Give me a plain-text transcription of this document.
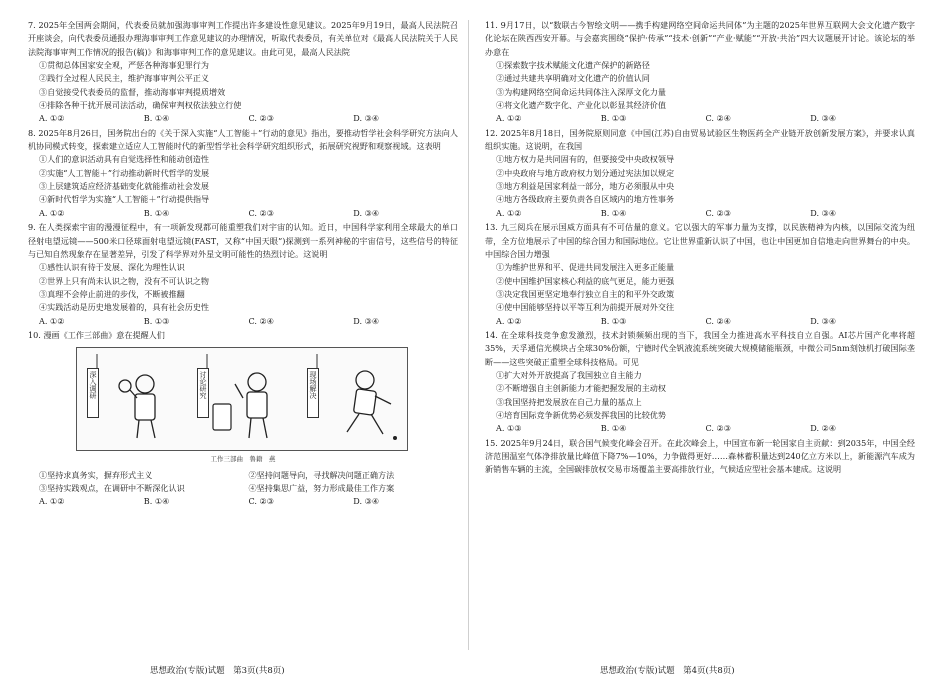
7. 2025年全国两会期间，代表委员就加强海事审判工作提出许多建设性意见建议。2025年9月19日，最高人民法院召开座谈会，向代表委员通报办理海事审判工作意见建议的办理情况，听取代表委员，有关单位对《最高人民法院关于人民法院海事审判工作情况的报告(稿)》和海事审判工作的意见建议。由此可见，最高人民法院

①贯彻总体国家安全观，严惩各种海事犯罪行为
②践行全过程人民民主，维护海事审判公平正义
③自觉接受代表委员的监督，推动海事审判提质增效
④排除各种干扰开展司法活动，确保审判权依法独立行使
A. ①②	B. ①④	C. ②③	D. ③④

8. 2025年8月26日，国务院出台的《关于深入实施“人工智能＋”行动的意见》指出，要推动哲学社会科学研究方法向人机协同模式转变，探索建立适应人工智能时代的新型哲学社会科学研究组织形式，拓展研究视野和观察视域。这表明

①人们的意识活动具有自觉选择性和能动创造性
②实施“人工智能＋”行动推动新时代哲学的发展
③上层建筑适应经济基础变化就能推动社会发展
④新时代哲学为实施“人工智能＋”行动提供指导
A. ①②	B. ①④	C. ②③	D. ③④

9. 在人类探索宇宙的漫漫征程中，有一项新发现都可能重塑我们对宇宙的认知。近日，中国科学家利用全球最大的单口径射电望远镜——500米口径球面射电望远镜(FAST，又称“中国天眼”)探测到一系列神秘的宇宙信号，这些信号的特征与已知自然现象存在显著差异，引发了科学界对外星文明可能性的热烈讨论。这说明

①感性认识有待于发展、深化为理性认识
②世界上只有尚未认识之物，没有不可认识之物
③真理不会停止前进的步伐，不断被推翻
④实践活动是历史地发展着的，具有社会历史性
A. ①②	B. ①③	C. ②④	D. ③④

10. 漫画《工作三部曲》意在提醒人们

深入调研	讨论研究	现场解决
工作三部曲　鲁籍　燕
①坚持求真务实，摒弃形式主义	②坚持问题导向，寻找解决问题正确方法
③坚持实践观点，在调研中不断深化认识	④坚持集思广益，努力形成最佳工作方案
A. ①②	B. ①④	C. ②③	D. ③④

11. 9月17日，以“数联古今智绘文明——携手构建网络空间命运共同体”为主题的2025年世界互联网大会文化遗产数字化论坛在陕西西安开幕。与会嘉宾围绕“保护·传承”“技术·创新”“产业·赋能”“开放·共治”四大议题展开讨论。该论坛的举办意在

①探索数字技术赋能文化遗产保护的新路径
②通过共建共享明确对文化遗产的价值认同
③为构建网络空间命运共同体注入深厚文化力量
④将文化遗产数字化、产业化以彰显其经济价值
A. ①②	B. ①③	C. ②④	D. ③④

12. 2025年8月18日，国务院原则同意《中国(江苏)自由贸易试验区生物医药全产业链开放创新发展方案》，并要求认真组织实施。这说明，在我国

①地方权力是共同固有的，但要接受中央政权领导
②中央政府与地方政府权力划分通过宪法加以规定
③地方利益是国家利益一部分，地方必须服从中央
④地方各级政府主要负责各自区域内的地方性事务
A. ①②	B. ①④	C. ②③	D. ③④

13. 九三阅兵在展示国威方面具有不可估量的意义。它以强大的军事力量为支撑，以民族精神为内核，以国际交流为纽带，全方位地展示了中国的综合国力和国际地位。它让世界重新认识了中国，也让中国更加自信地走向世界舞台的中央。中国综合国力增强

①为维护世界和平、促进共同发展注入更多正能量
②使中国维护国家核心利益的底气更足，能力更强
③决定我国更坚定地奉行独立自主的和平外交政策
④使中国能够坚持以平等互利为前提开展对外交往
A. ①②	B. ①③	C. ②④	D. ③④

14. 在全球科技竞争愈发激烈，技术封锁频频出现的当下，我国全力推进高水平科技自立自强。AI芯片国产化率将超35%，天孚通信光模块占全球30%份额，宁德时代全钒液流系统突破大规模储能瓶颈，中微公司5nm刻蚀机打破国际垄断——这些突破正重塑全球科技格局。可见

①扩大对外开放提高了我国独立自主能力
②不断增强自主创新能力才能把握发展的主动权
③我国坚持把发展放在自己力量的基点上
④培育国际竞争新优势必须发挥我国的比较优势
A. ①③	B. ①④	C. ②③	D. ②④

15. 2025年9月24日，联合国气候变化峰会召开。在此次峰会上，中国宣布新一轮国家自主贡献：到2035年，中国全经济范围温室气体净排放量比峰值下降7%—10%，力争做得更好……森林蓄积量达到240亿立方米以上，新能源汽车成为新销售车辆的主流，全国碳排放权交易市场覆盖主要高排放行业，气候适应型社会基本建成。这说明

思想政治(专版)试题　第3页(共8页)	思想政治(专版)试题　第4页(共8页)
